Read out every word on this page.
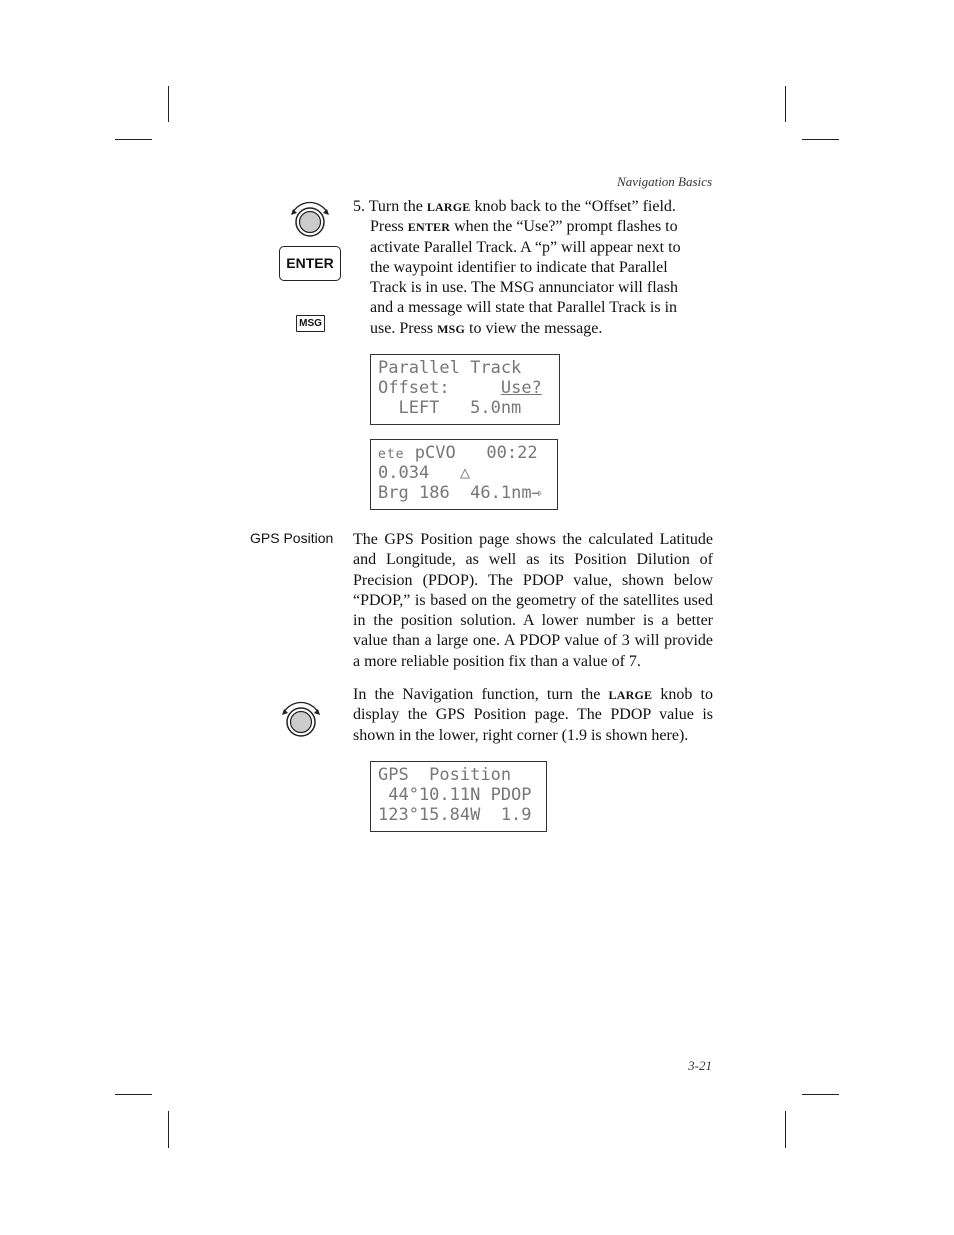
Navigation Basics
ENTER
MSG
5. Turn the LARGE knob back to the “Offset” field. Press ENTER when the “Use?” prompt flashes to activate Parallel Track. A “p” will appear next to the waypoint identifier to indicate that Parallel Track is in use. The MSG annunciator will flash and a message will state that Parallel Track is in use. Press MSG to view the message.
Parallel Track
Offset:	Use?
LEFT   5.0nm
ete pCVO 00:22
0.034   △
Brg 186  46.1nm⇾
GPS Position The GPS Position page shows the calculated Latitude and Longitude, as well as its Position Dilution of Precision (PDOP). The PDOP value, shown below “PDOP,” is based on the geometry of the satellites used in the position solution. A lower number is a better value than a large one. A PDOP value of 3 will provide a more reliable position fix than a value of 7.
In the Navigation function, turn the LARGE knob to display the GPS Position page. The PDOP value is shown in the lower, right corner (1.9 is shown here).
GPS  Position
44°10.11N PDOP
123°15.84W  1.9
3-21
